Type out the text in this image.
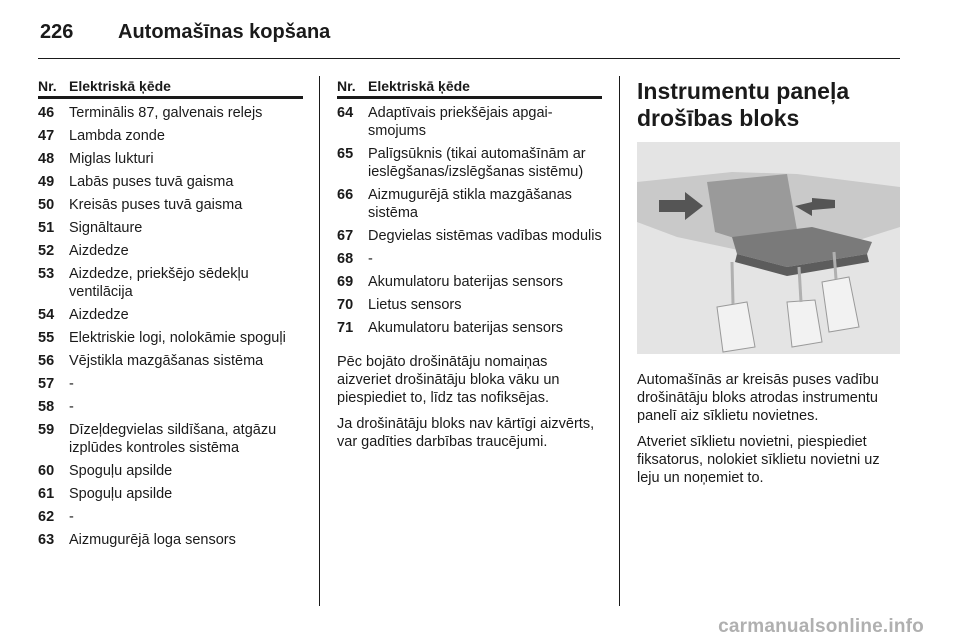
226 Automašīnas kopšana
Nr. Elektriskā ķēde
46	Terminālis 87, galvenais relejs
47	Lambda zonde
48	Miglas lukturi
49	Labās puses tuvā gaisma
50	Kreisās puses tuvā gaisma
51	Signāltaure
52	Aizdedze
53	Aizdedze, priekšējo sēdekļu ventilācija
54	Aizdedze
55	Elektriskie logi, nolokāmie spoguļi
56	Vējstikla mazgāšanas sistēma
57	-
58	-
59	Dīzeļdegvielas sildīšana, atgāzu izplūdes kontroles sistēma
60	Spoguļu apsilde
61	Spoguļu apsilde
62	-
63	Aizmugurējā loga sensors
Nr. Elektriskā ķēde
64	Adaptīvais priekšējais apgai-smojums
65	Palīgsūknis (tikai automašīnām ar ieslēgšanas/izslēgšanas sistēmu)
66	Aizmugurējā stikla mazgāšanas sistēma
67	Degvielas sistēmas vadības modulis
68	-
69	Akumulatoru baterijas sensors
70	Lietus sensors
71	Akumulatoru baterijas sensors

Pēc bojāto drošinātāju nomaiņas aizveriet drošinātāju bloka vāku un piespiediet to, līdz tas nofiksējas.

Ja drošinātāju bloks nav kārtīgi aizvērts, var gadīties darbības traucējumi.

Instrumentu paneļa drošības bloks

Automašīnās ar kreisās puses vadību drošinātāju bloks atrodas instrumentu panelī aiz sīklietu novietnes.

Atveriet sīklietu novietni, piespiediet fiksatorus, nolokiet sīklietu novietni uz leju un noņemiet to.

carmanualsonline.info
